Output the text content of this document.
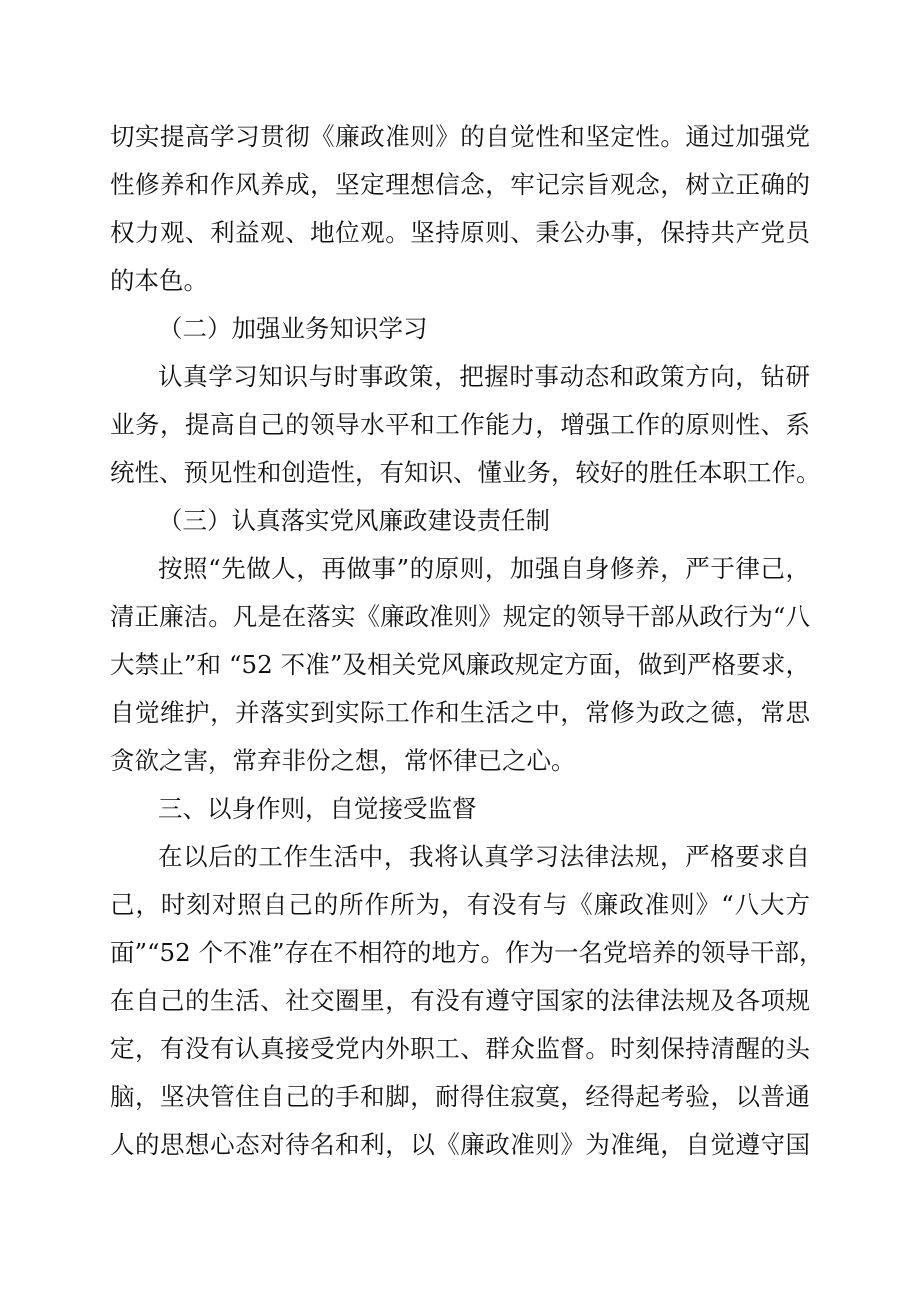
切实提高学习贯彻《廉政准则》的自觉性和坚定性。通过加强党
性修养和作风养成，坚定理想信念，牢记宗旨观念，树立正确的
权力观、利益观、地位观。坚持原则、秉公办事，保持共产党员
的本色。
（二）加强业务知识学习
认真学习知识与时事政策，把握时事动态和政策方向，钻研
业务，提高自己的领导水平和工作能力，增强工作的原则性、系
统性、预见性和创造性，有知识、懂业务，较好的胜任本职工作。
（三）认真落实党风廉政建设责任制
按照“先做人，再做事”的原则，加强自身修养，严于律己，
清正廉洁。凡是在落实《廉政准则》规定的领导干部从政行为“八
大禁止”和 “52 不准”及相关党风廉政规定方面，做到严格要求，
自觉维护，并落实到实际工作和生活之中，常修为政之德，常思
贪欲之害，常弃非份之想，常怀律已之心。
三、以身作则，自觉接受监督
在以后的工作生活中，我将认真学习法律法规，严格要求自
己，时刻对照自己的所作所为，有没有与《廉政准则》“八大方
面”“52 个不准”存在不相符的地方。作为一名党培养的领导干部，
在自己的生活、社交圈里，有没有遵守国家的法律法规及各项规
定，有没有认真接受党内外职工、群众监督。时刻保持清醒的头
脑，坚决管住自己的手和脚，耐得住寂寞，经得起考验，以普通
人的思想心态对待名和利，以《廉政准则》为准绳，自觉遵守国
